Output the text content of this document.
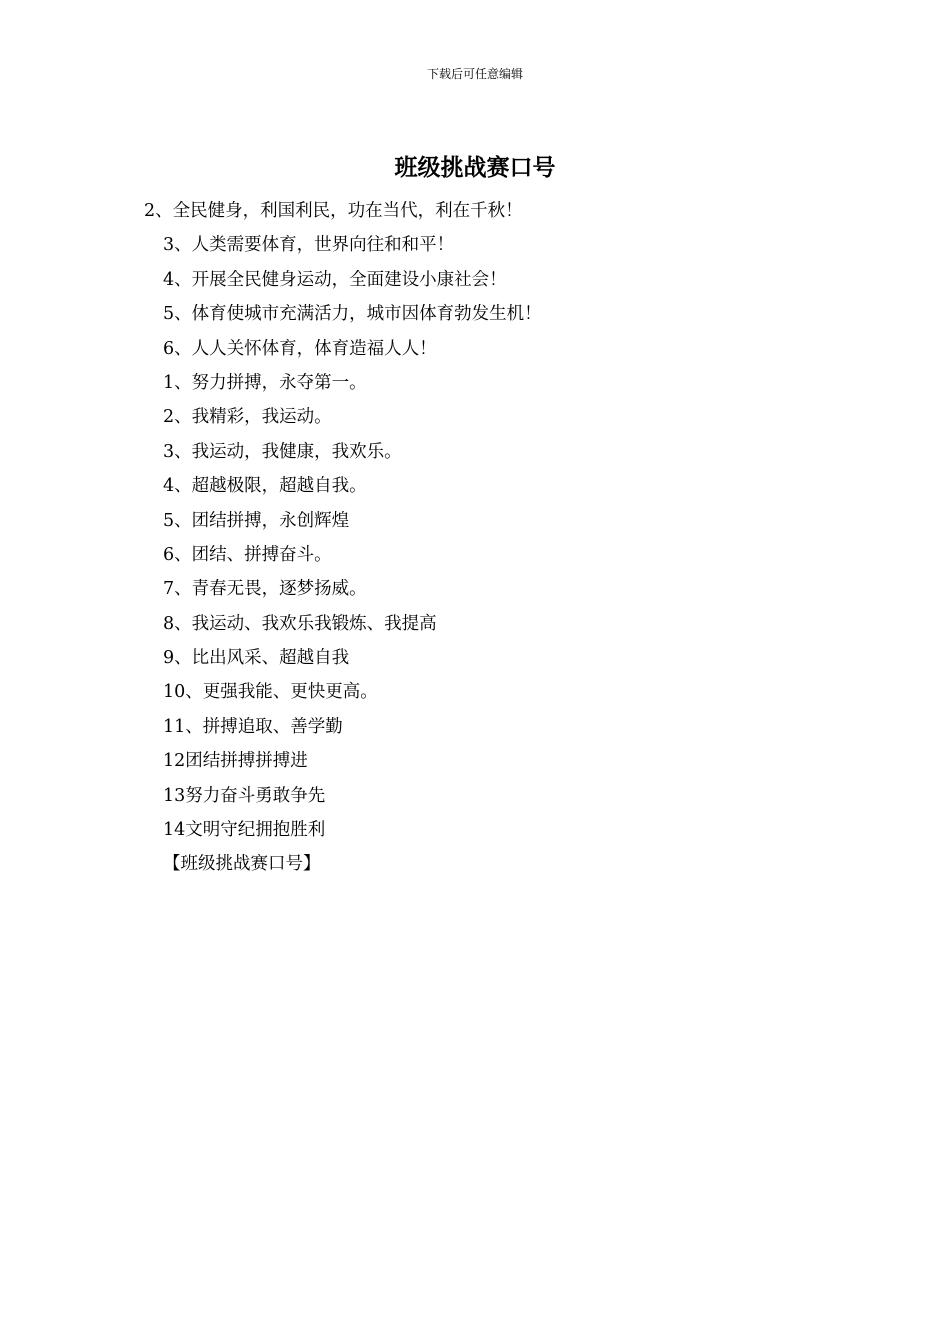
下载后可任意编辑
班级挑战赛口号
2、全民健身，利国利民，功在当代，利在千秋！
3、人类需要体育，世界向往和和平！
4、开展全民健身运动，全面建设小康社会！
5、体育使城市充满活力，城市因体育勃发生机！
6、人人关怀体育，体育造福人人！
1、努力拼搏，永夺第一。
2、我精彩，我运动。
3、我运动，我健康，我欢乐。
4、超越极限，超越自我。
5、团结拼搏，永创辉煌
6、团结、拼搏奋斗。
7、青春无畏，逐梦扬威。
8、我运动、我欢乐我锻炼、我提高
9、比出风采、超越自我
10、更强我能、更快更高。
11、拼搏追取、善学勤
12团结拼搏拼搏进
13努力奋斗勇敢争先
14文明守纪拥抱胜利
【班级挑战赛口号】
